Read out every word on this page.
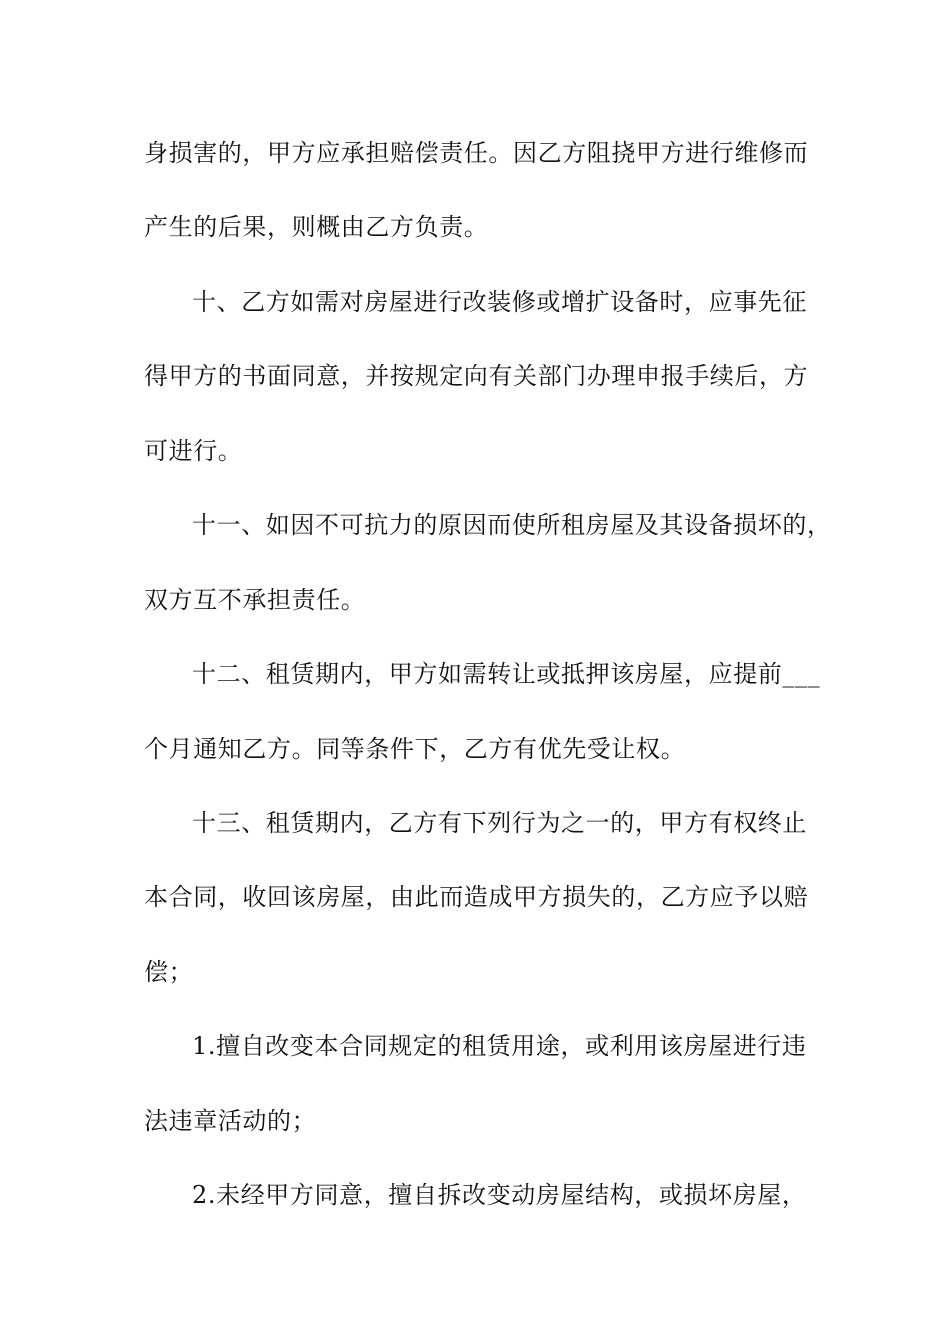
身损害的，甲方应承担赔偿责任。因乙方阻挠甲方进行维修而
产生的后果，则概由乙方负责。
十、乙方如需对房屋进行改装修或增扩设备时，应事先征
得甲方的书面同意，并按规定向有关部门办理申报手续后，方
可进行。
十一、如因不可抗力的原因而使所租房屋及其设备损坏的，
双方互不承担责任。
十二、租赁期内，甲方如需转让或抵押该房屋，应提前___
个月通知乙方。同等条件下，乙方有优先受让权。
十三、租赁期内，乙方有下列行为之一的，甲方有权终止
本合同，收回该房屋，由此而造成甲方损失的，乙方应予以赔
偿；
1.擅自改变本合同规定的租赁用途，或利用该房屋进行违
法违章活动的；
2.未经甲方同意，擅自拆改变动房屋结构，或损坏房屋，
